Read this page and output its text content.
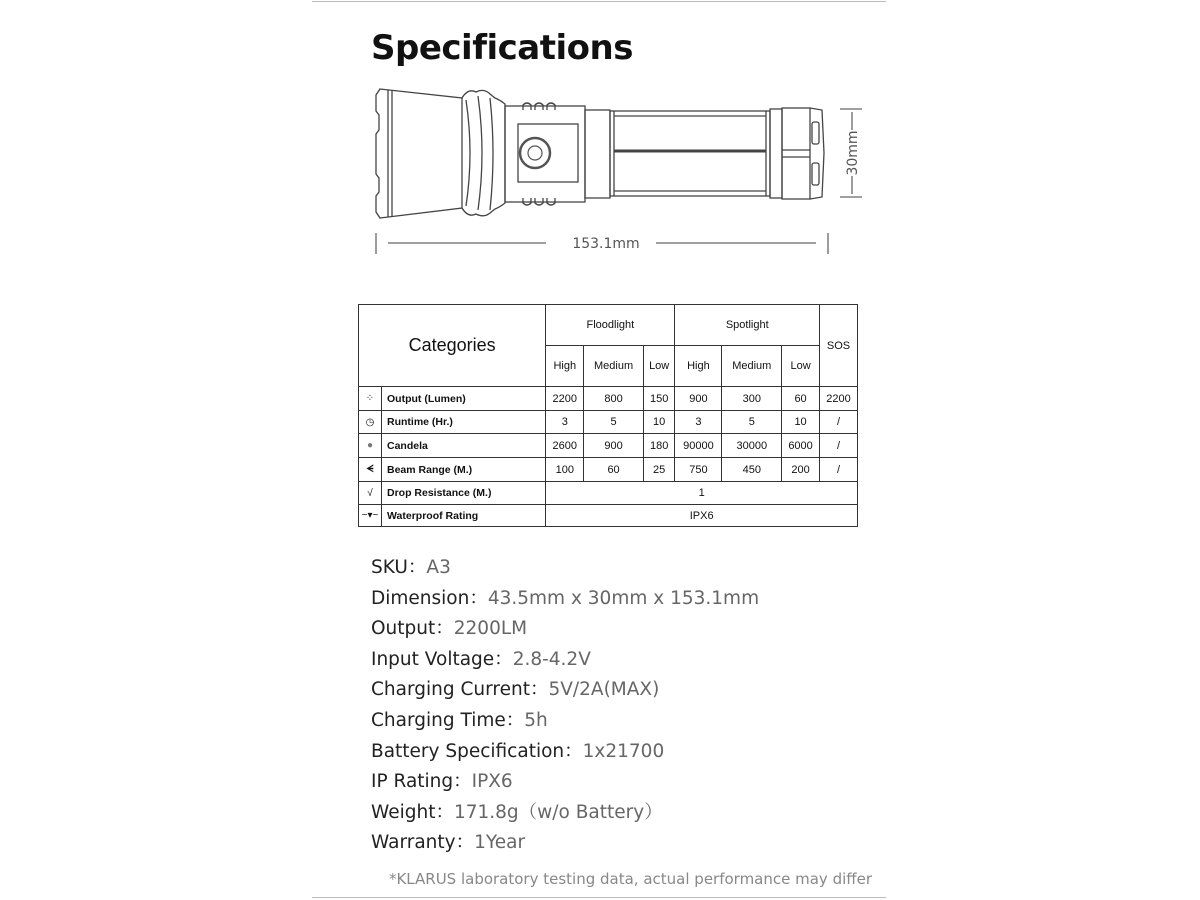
Specifications
30mm
153.1mm
Categories		Floodlight			Spotlight			SOS
		High	Medium	Low	High	Medium	Low	
⁘	Output (Lumen)	2200	800	150	900	300	60	2200
◷	Runtime (Hr.)	3	5	10	3	5	10	/
●	Candela	2600	900	180	90000	30000	6000	/
ᗕ	Beam Range (M.)	100	60	25	750	450	200	/
√	Drop Resistance (M.)	1						
~▾~	Waterproof Rating	IPX6						
SKU：A3
Dimension：43.5mm x 30mm x 153.1mm
Output：2200LM
Input Voltage：2.8-4.2V
Charging Current：5V/2A(MAX)
Charging Time：5h
Battery Specification：1x21700
IP Rating：IPX6
Weight：171.8g（w/o Battery）
Warranty：1Year
*KLARUS laboratory testing data, actual performance may differ
